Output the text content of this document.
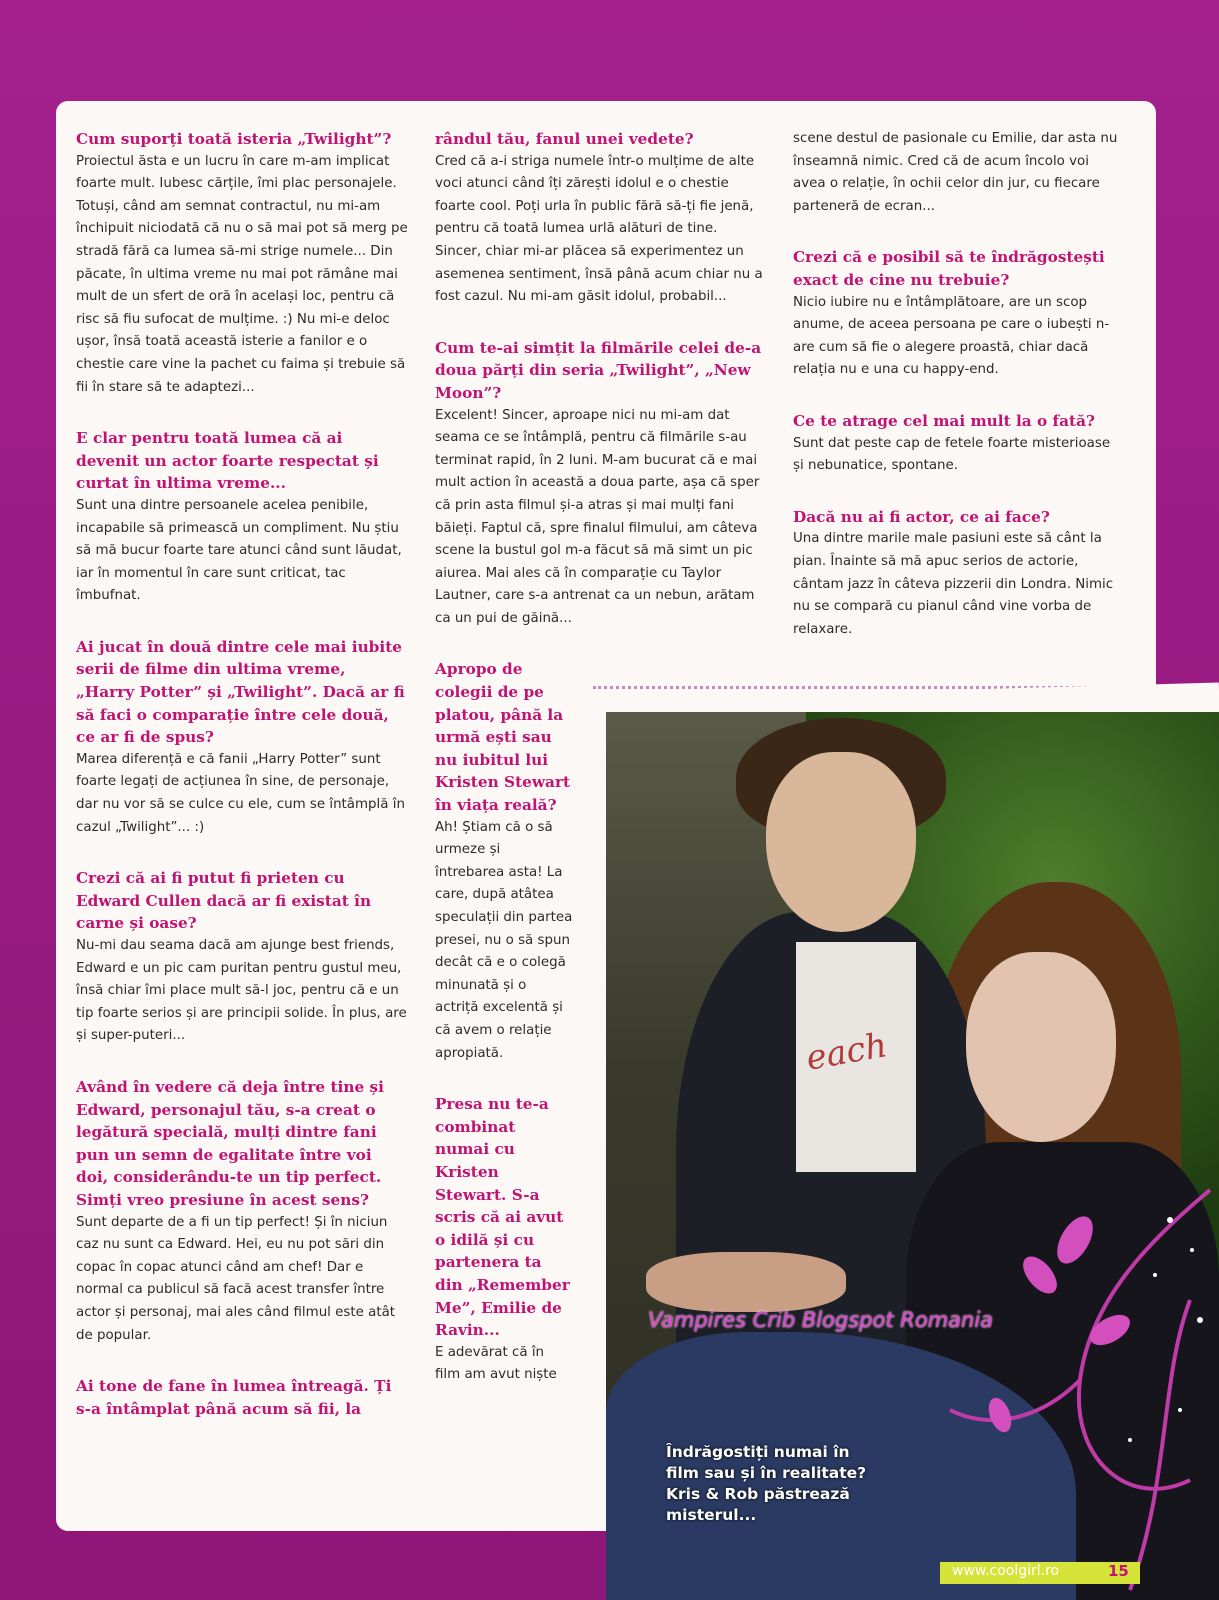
Cum suporți toată isteria „Twilight”?

Proiectul ăsta e un lucru în care m-am implicat foarte mult. Iubesc cărțile, îmi plac personajele. Totuși, când am semnat contractul, nu mi-am închipuit niciodată că nu o să mai pot să merg pe stradă fără ca lumea să-mi strige numele... Din păcate, în ultima vreme nu mai pot rămâne mai mult de un sfert de oră în același loc, pentru că risc să fiu sufocat de mulțime. :) Nu mi-e deloc ușor, însă toată această isterie a fanilor e o chestie care vine la pachet cu faima și trebuie să fii în stare să te adaptezi...

E clar pentru toată lumea că ai devenit un actor foarte respectat și curtat în ultima vreme...

Sunt una dintre persoanele acelea penibile, incapabile să primească un compliment. Nu știu să mă bucur foarte tare atunci când sunt lăudat, iar în momentul în care sunt criticat, tac îmbufnat.

Ai jucat în două dintre cele mai iubite serii de filme din ultima vreme, „Harry Potter” și „Twilight”. Dacă ar fi să faci o comparație între cele două, ce ar fi de spus?

Marea diferență e că fanii „Harry Potter” sunt foarte legați de acțiunea în sine, de personaje, dar nu vor să se culce cu ele, cum se întâmplă în cazul „Twilight”... :)

Crezi că ai fi putut fi prieten cu Edward Cullen dacă ar fi existat în carne și oase?

Nu-mi dau seama dacă am ajunge best friends, Edward e un pic cam puritan pentru gustul meu, însă chiar îmi place mult să-l joc, pentru că e un tip foarte serios și are principii solide. În plus, are și super-puteri...

Având în vedere că deja între tine și Edward, personajul tău, s-a creat o legătură specială, mulți dintre fani pun un semn de egalitate între voi doi, considerându-te un tip perfect. Simți vreo presiune în acest sens?

Sunt departe de a fi un tip perfect! Și în niciun caz nu sunt ca Edward. Hei, eu nu pot sări din copac în copac atunci când am chef! Dar e normal ca publicul să facă acest transfer între actor și personaj, mai ales când filmul este atât de popular.

Ai tone de fane în lumea întreagă. Ți s-a întâmplat până acum să fii, la

rândul tău, fanul unei vedete?

Cred că a-i striga numele într-o mulțime de alte voci atunci când îți zărești idolul e o chestie foarte cool. Poți urla în public fără să-ți fie jenă, pentru că toată lumea urlă alături de tine. Sincer, chiar mi-ar plăcea să experimentez un asemenea sentiment, însă până acum chiar nu a fost cazul. Nu mi-am găsit idolul, probabil...

Cum te-ai simțit la filmările celei de-a doua părți din seria „Twilight”, „New Moon”?

Excelent! Sincer, aproape nici nu mi-am dat seama ce se întâmplă, pentru că filmările s-au terminat rapid, în 2 luni. M-am bucurat că e mai mult action în această a doua parte, așa că sper că prin asta filmul și-a atras și mai mulți fani băieți. Faptul că, spre finalul filmului, am câteva scene la bustul gol m-a făcut să mă simt un pic aiurea. Mai ales că în comparație cu Taylor Lautner, care s-a antrenat ca un nebun, arătam ca un pui de găină...

Apropo de colegii de pe platou, până la urmă ești sau nu iubitul lui Kristen Stewart în viața reală?

Ah! Știam că o să urmeze și întrebarea asta! La care, după atâtea speculații din partea presei, nu o să spun decât că e o colegă minunată și o actriță excelentă și că avem o relație apropiată.

Presa nu te-a combinat numai cu Kristen Stewart. S-a scris că ai avut o idilă și cu partenera ta din „Remember Me”, Emilie de Ravin...

E adevărat că în film am avut niște

scene destul de pasionale cu Emilie, dar asta nu înseamnă nimic. Cred că de acum încolo voi avea o relație, în ochii celor din jur, cu fiecare parteneră de ecran...

Crezi că e posibil să te îndrăgostești exact de cine nu trebuie?

Nicio iubire nu e întâmplătoare, are un scop anume, de aceea persoana pe care o iubești n-are cum să fie o alegere proastă, chiar dacă relația nu e una cu happy-end.

Ce te atrage cel mai mult la o fată?

Sunt dat peste cap de fetele foarte misterioase și nebunatice, spontane.

Dacă nu ai fi actor, ce ai face?

Una dintre marile male pasiuni este să cânt la pian. Înainte să mă apuc serios de actorie, cântam jazz în câteva pizzerii din Londra. Nimic nu se compară cu pianul când vine vorba de relaxare.

each
Vampires Crib Blogspot Romania
Îndrăgostiți numai în film sau și în realitate? Kris & Rob păstrează misterul...
www.coolgirl.ro	15
